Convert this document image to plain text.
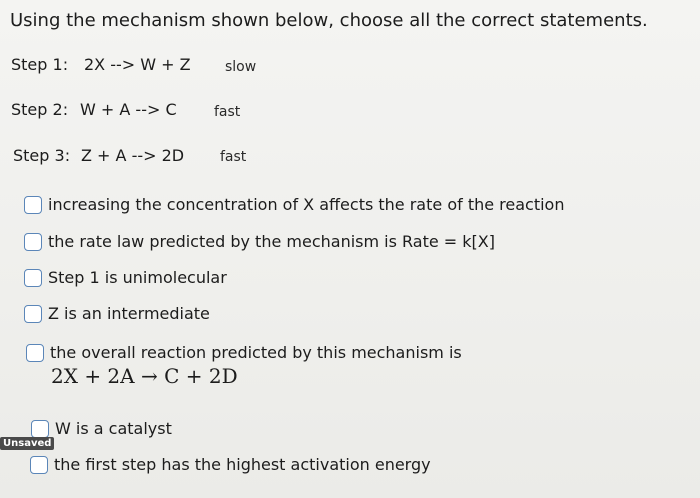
Using the mechanism shown below, choose all the correct statements.
Step 1: 2X --> W + Z slow
Step 2: W + A --> C	fast
Step 3: Z + A --> 2D	fast
increasing the concentration of X affects the rate of the reaction
the rate law predicted by the mechanism is Rate = k[X]
Step 1 is unimolecular
Z is an intermediate
the overall reaction predicted by this mechanism is
2X + 2A → C + 2D
W is a catalyst
Unsaved
the first step has the highest activation energy
